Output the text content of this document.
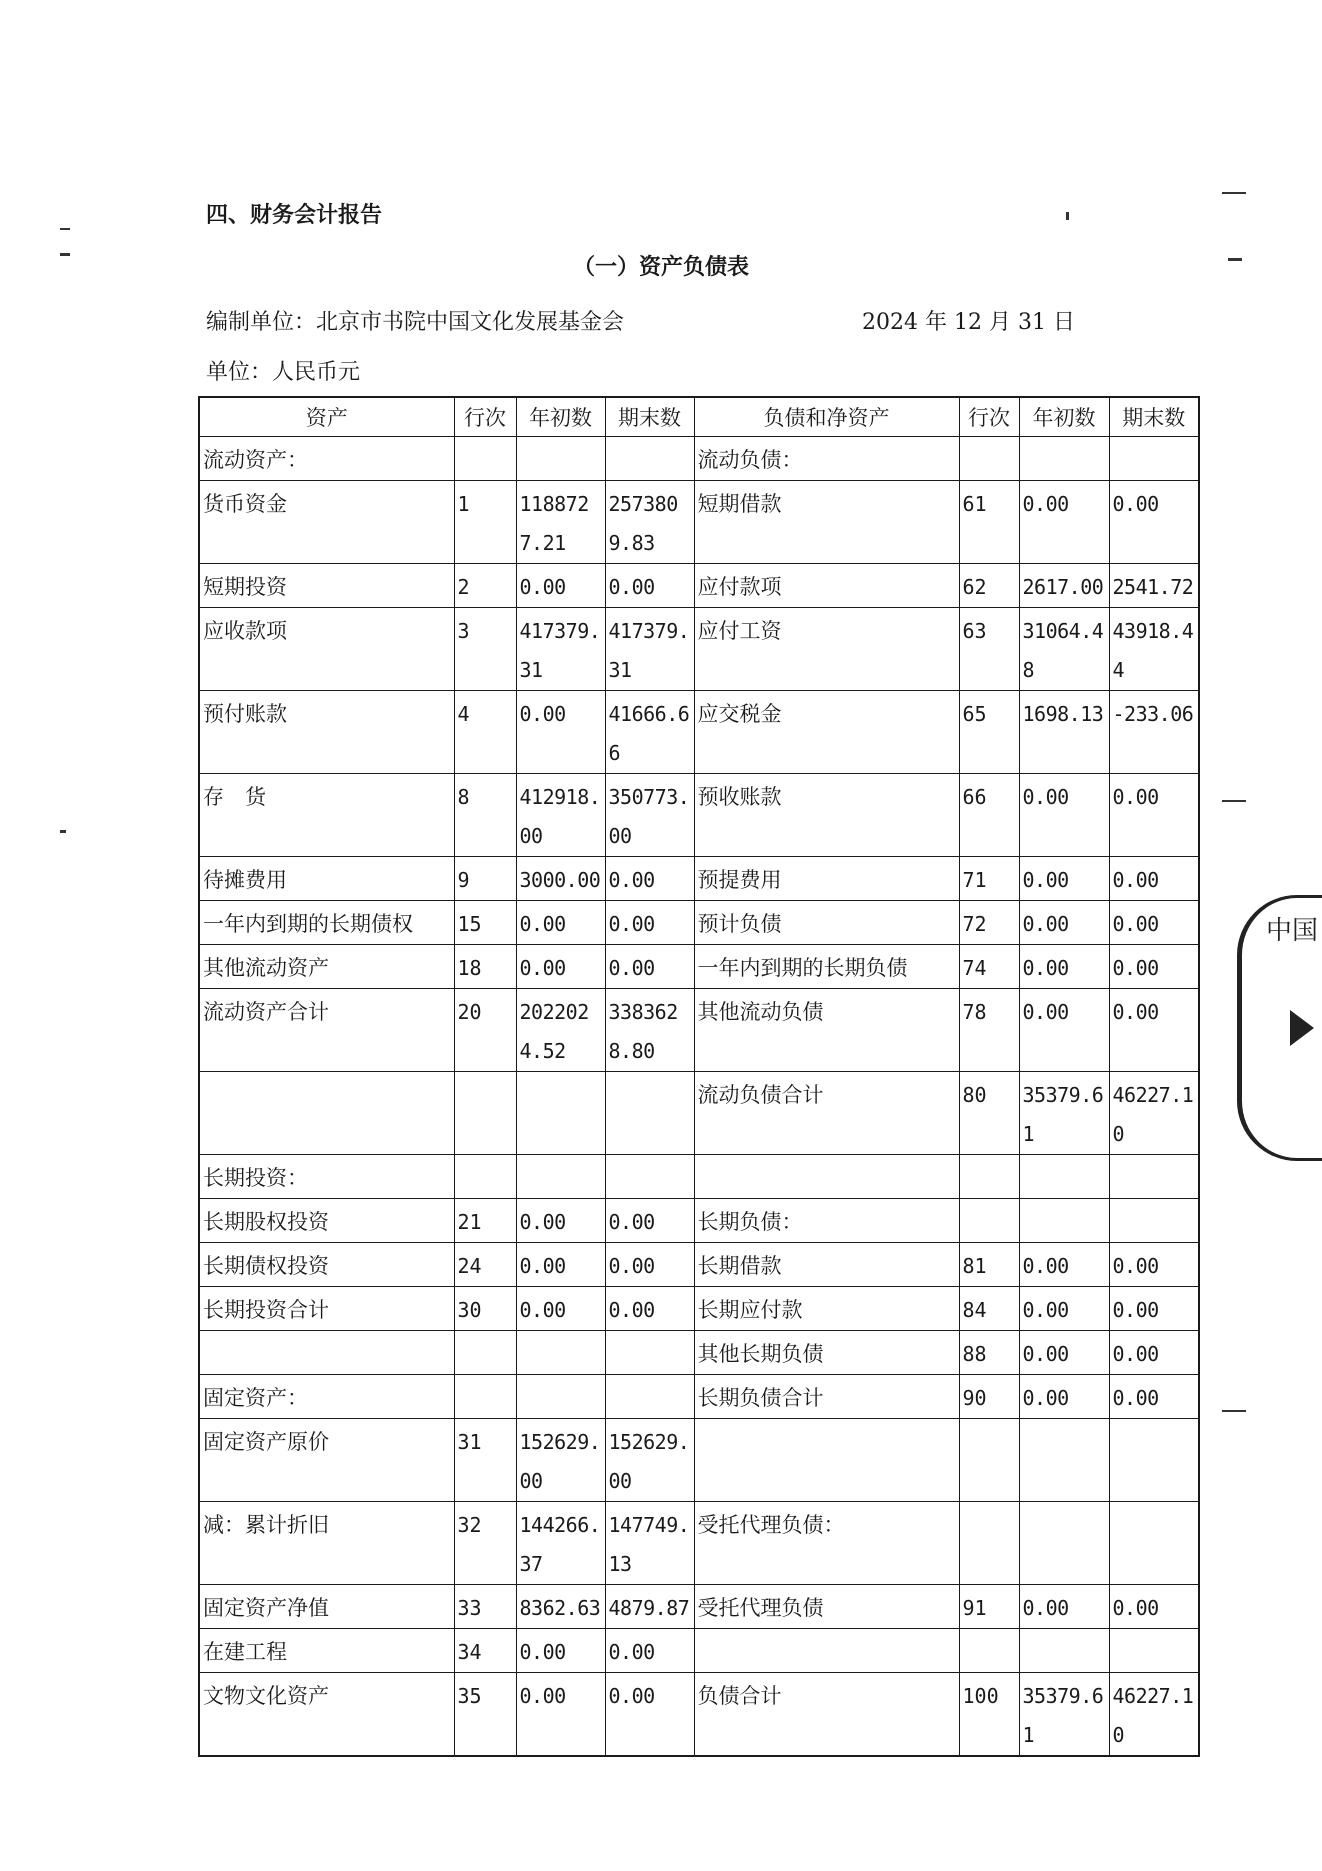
四、财务会计报告
（一）资产负债表
编制单位：北京市书院中国文化发展基金会	2024 年 12 月 31 日
单位：人民币元
资产	行次	年初数	期末数	负债和净资产	行次	年初数	期末数
流动资产：				流动负债：			
货币资金	1	1188727.21	2573809.83	短期借款	61	0.00	0.00
短期投资	2	0.00	0.00	应付款项	62	2617.00	2541.72
应收款项	3	417379.31	417379.31	应付工资	63	31064.48	43918.44
预付账款	4	0.00	41666.66	应交税金	65	1698.13	-233.06
存　货	8	412918.00	350773.00	预收账款	66	0.00	0.00
待摊费用	9	3000.00	0.00	预提费用	71	0.00	0.00
一年内到期的长期债权	15	0.00	0.00	预计负债	72	0.00	0.00
其他流动资产	18	0.00	0.00	一年内到期的长期负债	74	0.00	0.00
流动资产合计	20	2022024.52	3383628.80	其他流动负债	78	0.00	0.00
				流动负债合计	80	35379.61	46227.10
长期投资：							
长期股权投资	21	0.00	0.00	长期负债：			
长期债权投资	24	0.00	0.00	长期借款	81	0.00	0.00
长期投资合计	30	0.00	0.00	长期应付款	84	0.00	0.00
				其他长期负债	88	0.00	0.00
固定资产：				长期负债合计	90	0.00	0.00
固定资产原价	31	152629.00	152629.00				
减：累计折旧	32	144266.37	147749.13	受托代理负债：			
固定资产净值	33	8362.63	4879.87	受托代理负债	91	0.00	0.00
在建工程	34	0.00	0.00				
文物文化资产	35	0.00	0.00	负债合计	100	35379.61	46227.10
中国
